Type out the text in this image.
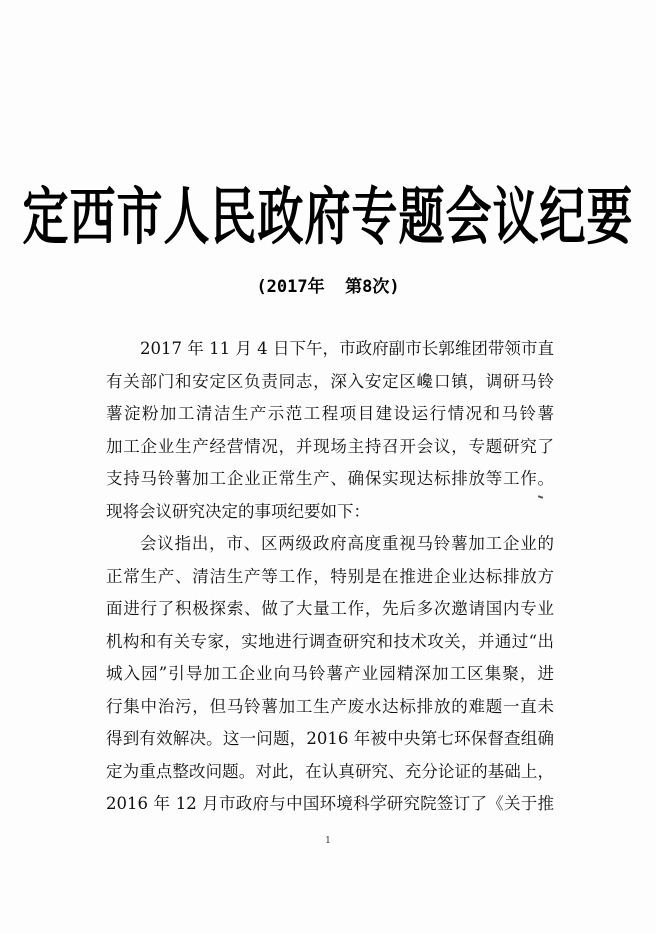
定西市人民政府专题会议纪要
(2017年  第8次)
2017 年 11 月 4 日下午，市政府副市长郭维团带领市直
有关部门和安定区负责同志，深入安定区巉口镇，调研马铃
薯淀粉加工清洁生产示范工程项目建设运行情况和马铃薯
加工企业生产经营情况，并现场主持召开会议，专题研究了
支持马铃薯加工企业正常生产、确保实现达标排放等工作。
现将会议研究决定的事项纪要如下：
会议指出，市、区两级政府高度重视马铃薯加工企业的
正常生产、清洁生产等工作，特别是在推进企业达标排放方
面进行了积极探索、做了大量工作，先后多次邀请国内专业
机构和有关专家，实地进行调查研究和技术攻关，并通过“出
城入园”引导加工企业向马铃薯产业园精深加工区集聚，进
行集中治污，但马铃薯加工生产废水达标排放的难题一直未
得到有效解决。这一问题，2016 年被中央第七环保督查组确
定为重点整改问题。对此，在认真研究、充分论证的基础上，
2016 年 12 月市政府与中国环境科学研究院签订了《关于推
1
